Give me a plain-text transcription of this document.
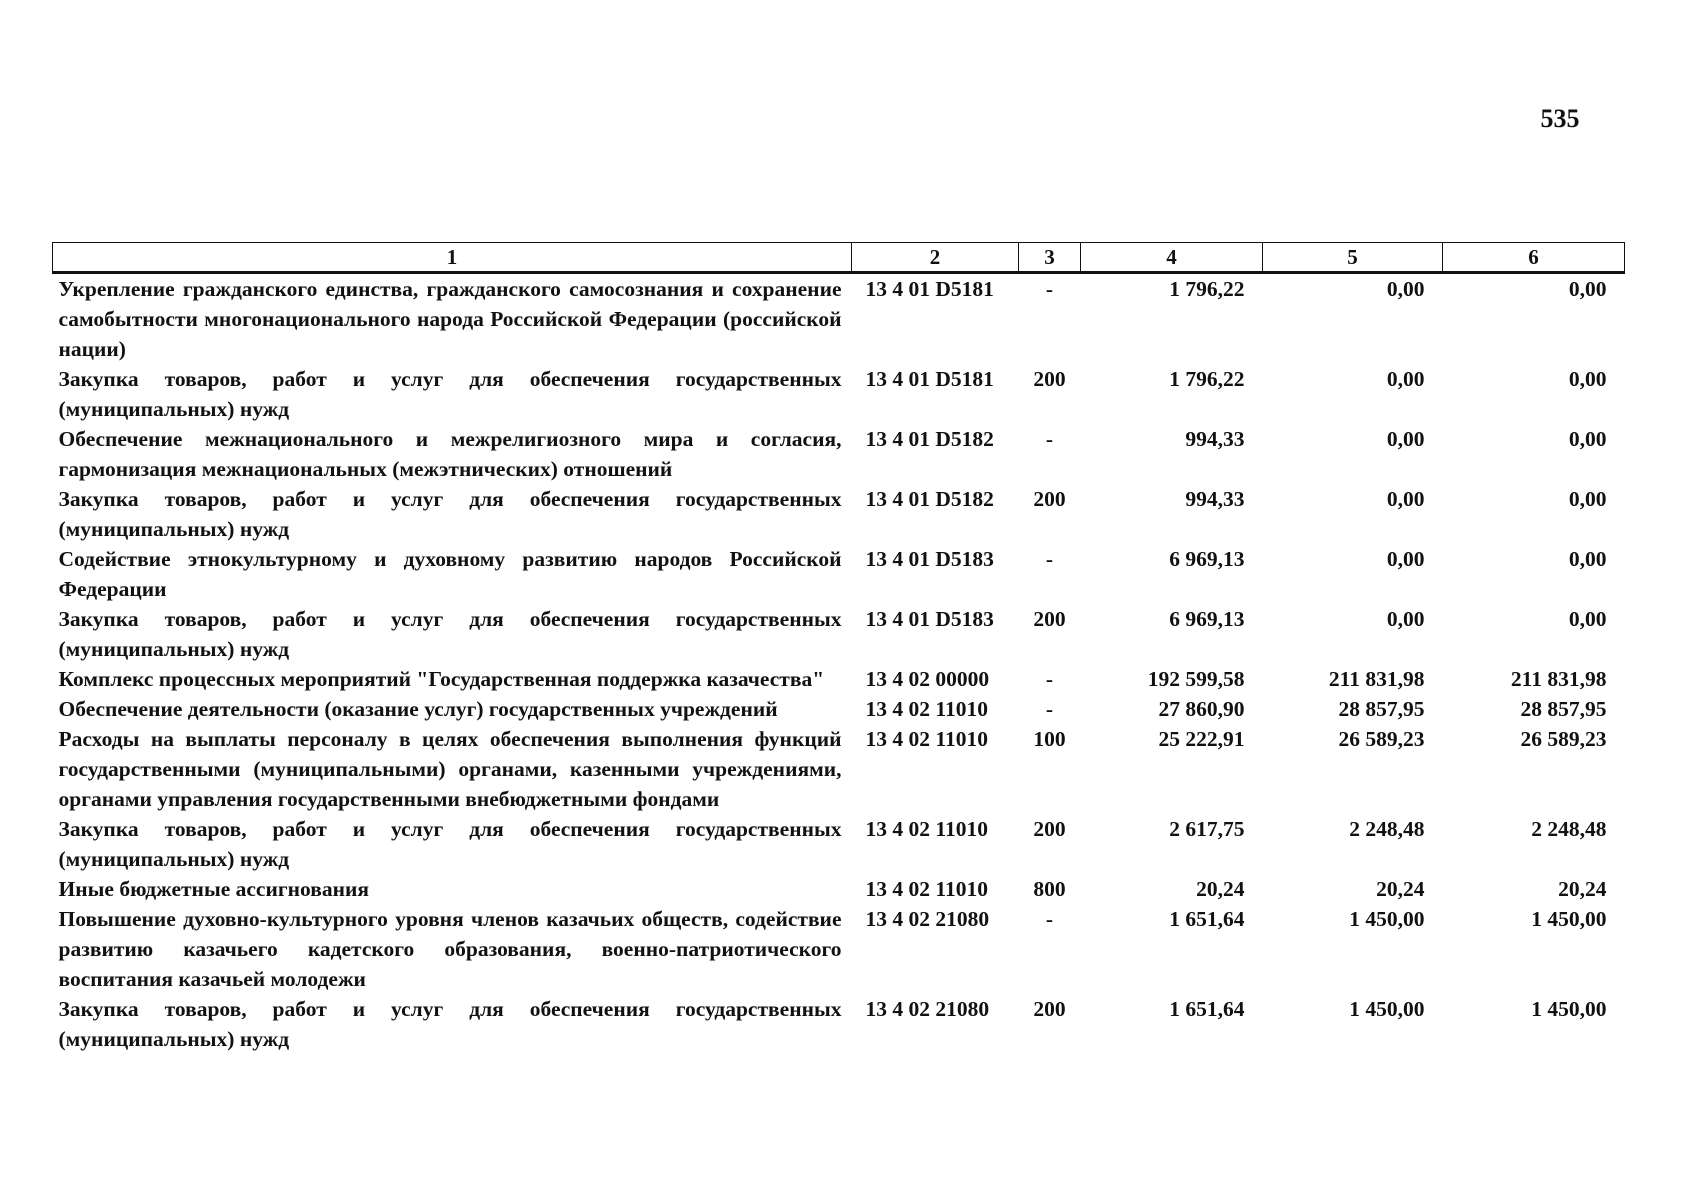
535
1	2	3	4	5	6
Укрепление гражданского единства, гражданского самосознания и сохранение самобытности многонационального народа Российской Федерации (российской нации)	13 4 01 D5181	-	1 796,22	0,00	0,00
Закупка товаров, работ и услуг для обеспечения государственных (муниципальных) нужд	13 4 01 D5181	200	1 796,22	0,00	0,00
Обеспечение межнационального и межрелигиозного мира и согласия, гармонизация межнациональных (межэтнических) отношений	13 4 01 D5182	-	994,33	0,00	0,00
Закупка товаров, работ и услуг для обеспечения государственных (муниципальных) нужд	13 4 01 D5182	200	994,33	0,00	0,00
Содействие этнокультурному и духовному развитию народов Российской Федерации	13 4 01 D5183	-	6 969,13	0,00	0,00
Закупка товаров, работ и услуг для обеспечения государственных (муниципальных) нужд	13 4 01 D5183	200	6 969,13	0,00	0,00
Комплекс процессных мероприятий "Государственная поддержка казачества"	13 4 02 00000	-	192 599,58	211 831,98	211 831,98
Обеспечение деятельности (оказание услуг) государственных учреждений	13 4 02 11010	-	27 860,90	28 857,95	28 857,95
Расходы на выплаты персоналу в целях обеспечения выполнения функций государственными (муниципальными) органами, казенными учреждениями, органами управления государственными внебюджетными фондами	13 4 02 11010	100	25 222,91	26 589,23	26 589,23
Закупка товаров, работ и услуг для обеспечения государственных (муниципальных) нужд	13 4 02 11010	200	2 617,75	2 248,48	2 248,48
Иные бюджетные ассигнования	13 4 02 11010	800	20,24	20,24	20,24
Повышение духовно-культурного уровня членов казачьих обществ, содействие развитию казачьего кадетского образования, военно-патриотического воспитания казачьей молодежи	13 4 02 21080	-	1 651,64	1 450,00	1 450,00
Закупка товаров, работ и услуг для обеспечения государственных (муниципальных) нужд	13 4 02 21080	200	1 651,64	1 450,00	1 450,00
